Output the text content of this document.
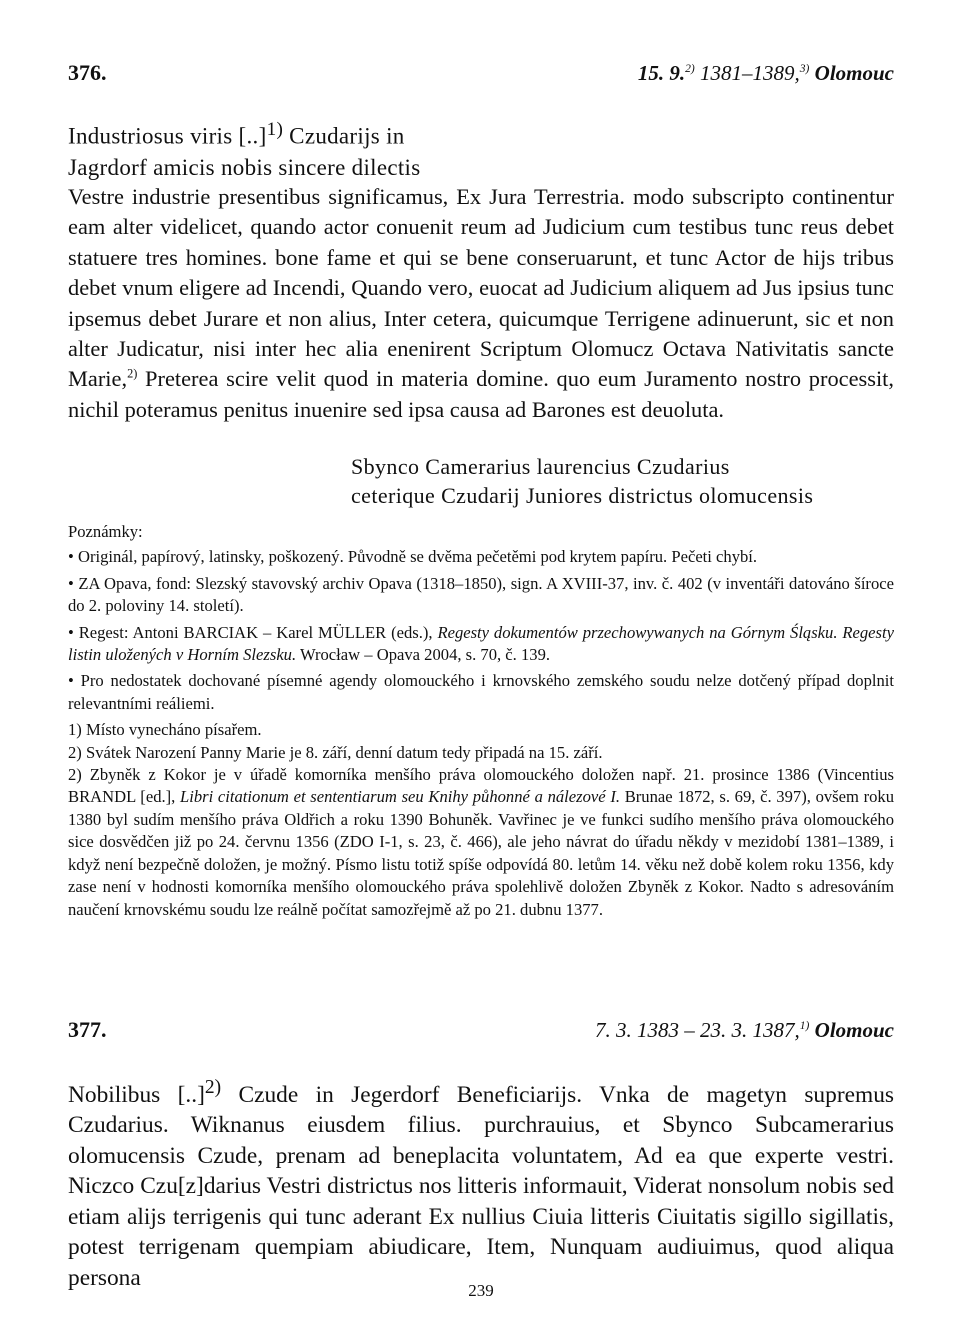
376.	15. 9.$^{2)}$ 1381–1389,$^{3)}$ Olomouc
Industriosus viris [..]$^{1)}$ Czudarijs in
Jagrdorf amicis nobis sincere dilectis
Vestre industrie presentibus significamus, Ex Jura Terrestria. modo subscripto continentur eam alter videlicet, quando actor conuenit reum ad Judicium cum testibus tunc reus debet statuere tres homines. bone fame et qui se bene conseruarunt, et tunc Actor de hijs tribus debet vnum eligere ad Incendi, Quando vero, euocat ad Judicium aliquem ad Jus ipsius tunc ipsemus debet Jurare et non alius, Inter cetera, quicumque Terrigene adinuerunt, sic et non alter Judicatur, nisi inter hec alia enenirent Scriptum Olomucz Octava Nativitatis sancte Marie,$^{2)}$ Preterea scire velit quod in materia domine. quo eum Juramento nostro processit, nichil poteramus penitus inuenire sed ipsa causa ad Barones est deuoluta.
Sbynco Camerarius laurencius Czudarius
ceterique Czudarij Juniores districtus olomucensis
Poznámky:

• Originál, papírový, latinsky, poškozený. Původně se dvěma pečetěmi pod krytem papíru. Pečeti chybí.

• ZA Opava, fond: Slezský stavovský archiv Opava (1318–1850), sign. A XVIII-37, inv. č. 402 (v inventáři datováno šíroce do 2. poloviny 14. století).

• Regest: Antoni BARCIAK – Karel MÜLLER (eds.), Regesty dokumentów przechowywanych na Górnym Śląsku. Regesty listin uložených v Horním Slezsku. Wrocław – Opava 2004, s. 70, č. 139.

• Pro nedostatek dochované písemné agendy olomouckého i krnovského zemského soudu nelze dotčený případ doplnit relevantními reáliemi.

1) Místo vynecháno písařem.

2) Svátek Narození Panny Marie je 8. září, denní datum tedy připadá na 15. září.

2) Zbyněk z Kokor je v úřadě komorníka menšího práva olomouckého doložen např. 21. prosince 1386 (Vincentius BRANDL [ed.], Libri citationum et sententiarum seu Knihy půhonné a nálezové I. Brunae 1872, s. 69, č. 397), ovšem roku 1380 byl sudím menšího práva Oldřich a roku 1390 Bohuněk. Vavřinec je ve funkci sudího menšího práva olomouckého sice dosvědčen již po 24. červnu 1356 (ZDO I-1, s. 23, č. 466), ale jeho návrat do úřadu někdy v mezidobí 1381–1389, i když není bezpečně doložen, je možný. Písmo listu totiž spíše odpovídá 80. letům 14. věku než době kolem roku 1356, kdy zase není v hodnosti komorníka menšího olomouckého práva spolehlivě doložen Zbyněk z Kokor. Nadto s adresováním naučení krnovskému soudu lze reálně počítat samozřejmě až po 21. dubnu 1377.

377.	7. 3. 1383 – 23. 3. 1387,$^{1)}$ Olomouc
Nobilibus [..]$^{2)}$ Czude in Jegerdorf Beneficiarijs. Vnka de magetyn supremus Czudarius. Wiknanus eiusdem filius. purchrauius, et Sbynco Subcamerarius olomucensis Czude, prenam ad beneplacita voluntatem, Ad ea que experte vestri. Niczco Czu[z]darius Vestri districtus nos litteris informauit, Viderat nonsolum nobis sed etiam alijs terrigenis qui tunc aderant Ex nullius Ciuia litteris Ciuitatis sigillo sigillatis, potest terrigenam quempiam abiudicare, Item, Nunquam audiuimus, quod aliqua persona	239
